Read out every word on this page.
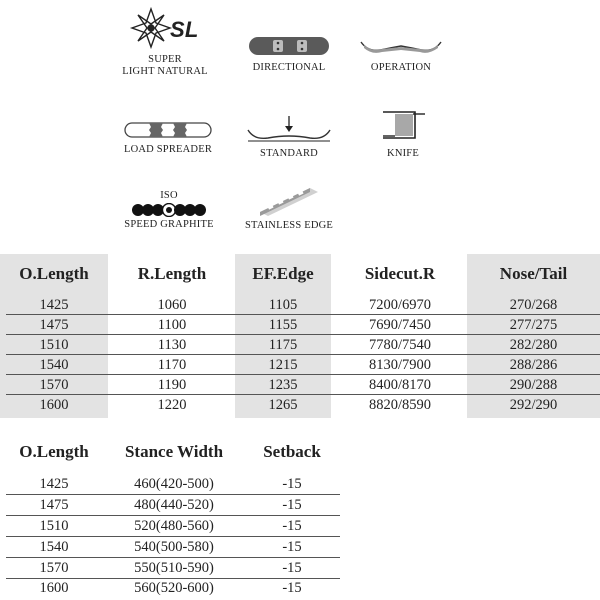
SL
SUPER
LIGHT NATURAL	DIRECTIONAL	OPERATION
LOAD SPREADER	STANDARD	KNIFE
ISO
SPEED GRAPHITE	STAINLESS EDGE
O.Length	R.Length	EF.Edge	Sidecut.R	Nose/Tail
1425	1060	1105	7200/6970	270/268
1475	1100	1155	7690/7450	277/275
1510	1130	1175	7780/7540	282/280
1540	1170	1215	8130/7900	288/286
1570	1190	1235	8400/8170	290/288
1600	1220	1265	8820/8590	292/290
O.Length	Stance Width	Setback
1425	460(420-500)	-15
1475	480(440-520)	-15
1510	520(480-560)	-15
1540	540(500-580)	-15
1570	550(510-590)	-15
1600	560(520-600)	-15
